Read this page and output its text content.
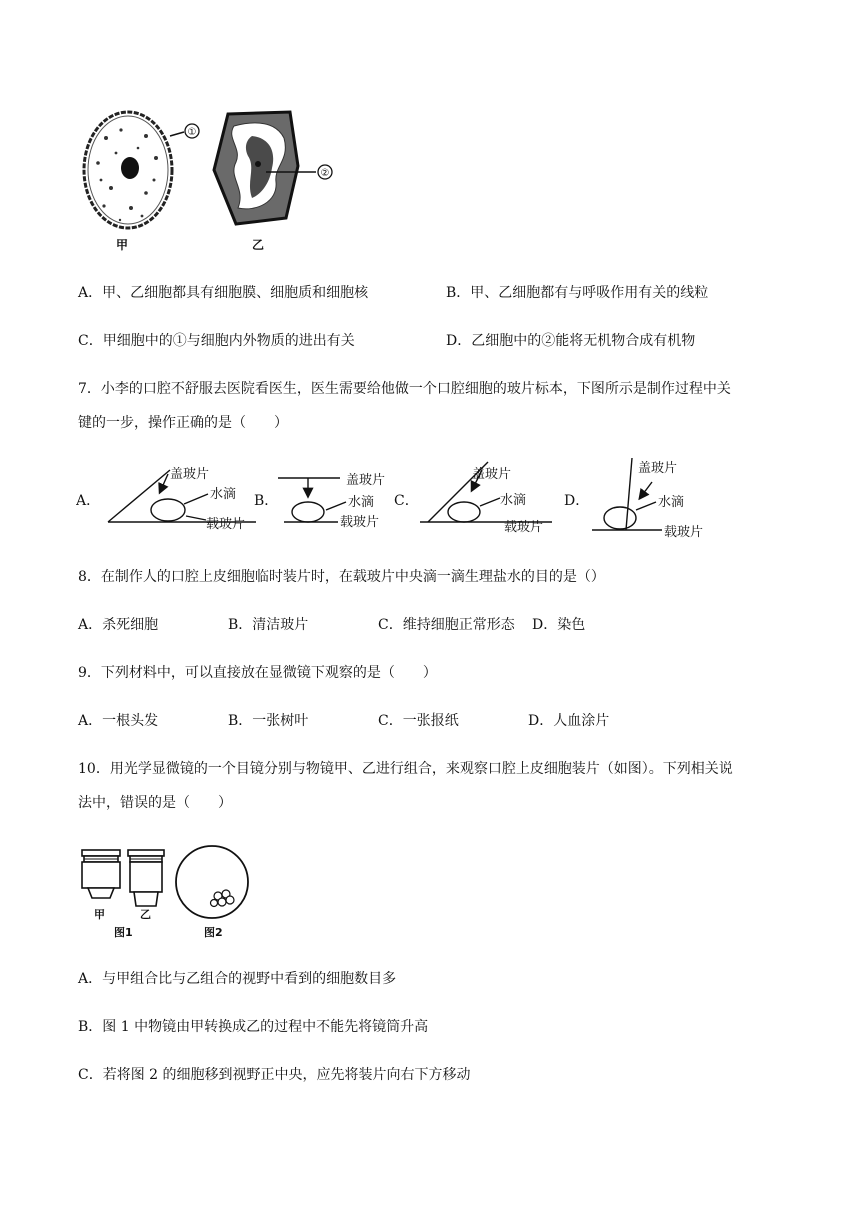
①
甲
②
乙
A．甲、乙细胞都具有细胞膜、细胞质和细胞核	B．甲、乙细胞都有与呼吸作用有关的线粒
C．甲细胞中的①与细胞内外物质的进出有关	D．乙细胞中的②能将无机物合成有机物
7．小李的口腔不舒服去医院看医生，医生需要给他做一个口腔细胞的玻片标本，下图所示是制作过程中关
键的一步，操作正确的是（　　）
A．
盖玻片
水滴
载玻片
B．
盖玻片
水滴
载玻片
C．
盖玻片
水滴
载玻片
D．
盖玻片
水滴
载玻片
8．在制作人的口腔上皮细胞临时装片时，在载玻片中央滴一滴生理盐水的目的是（）
A．杀死细胞	B．清洁玻片	C．维持细胞正常形态 D．染色
9．下列材料中，可以直接放在显微镜下观察的是（　　）
A．一根头发	B．一张树叶	C．一张报纸	D．人血涂片
10．用光学显微镜的一个目镜分别与物镜甲、乙进行组合，来观察口腔上皮细胞装片（如图）。下列相关说
法中，错误的是（　　）
甲	乙
图1	图2
A．与甲组合比与乙组合的视野中看到的细胞数目多
B．图 1 中物镜由甲转换成乙的过程中不能先将镜筒升高
C．若将图 2 的细胞移到视野正中央，应先将装片向右下方移动
